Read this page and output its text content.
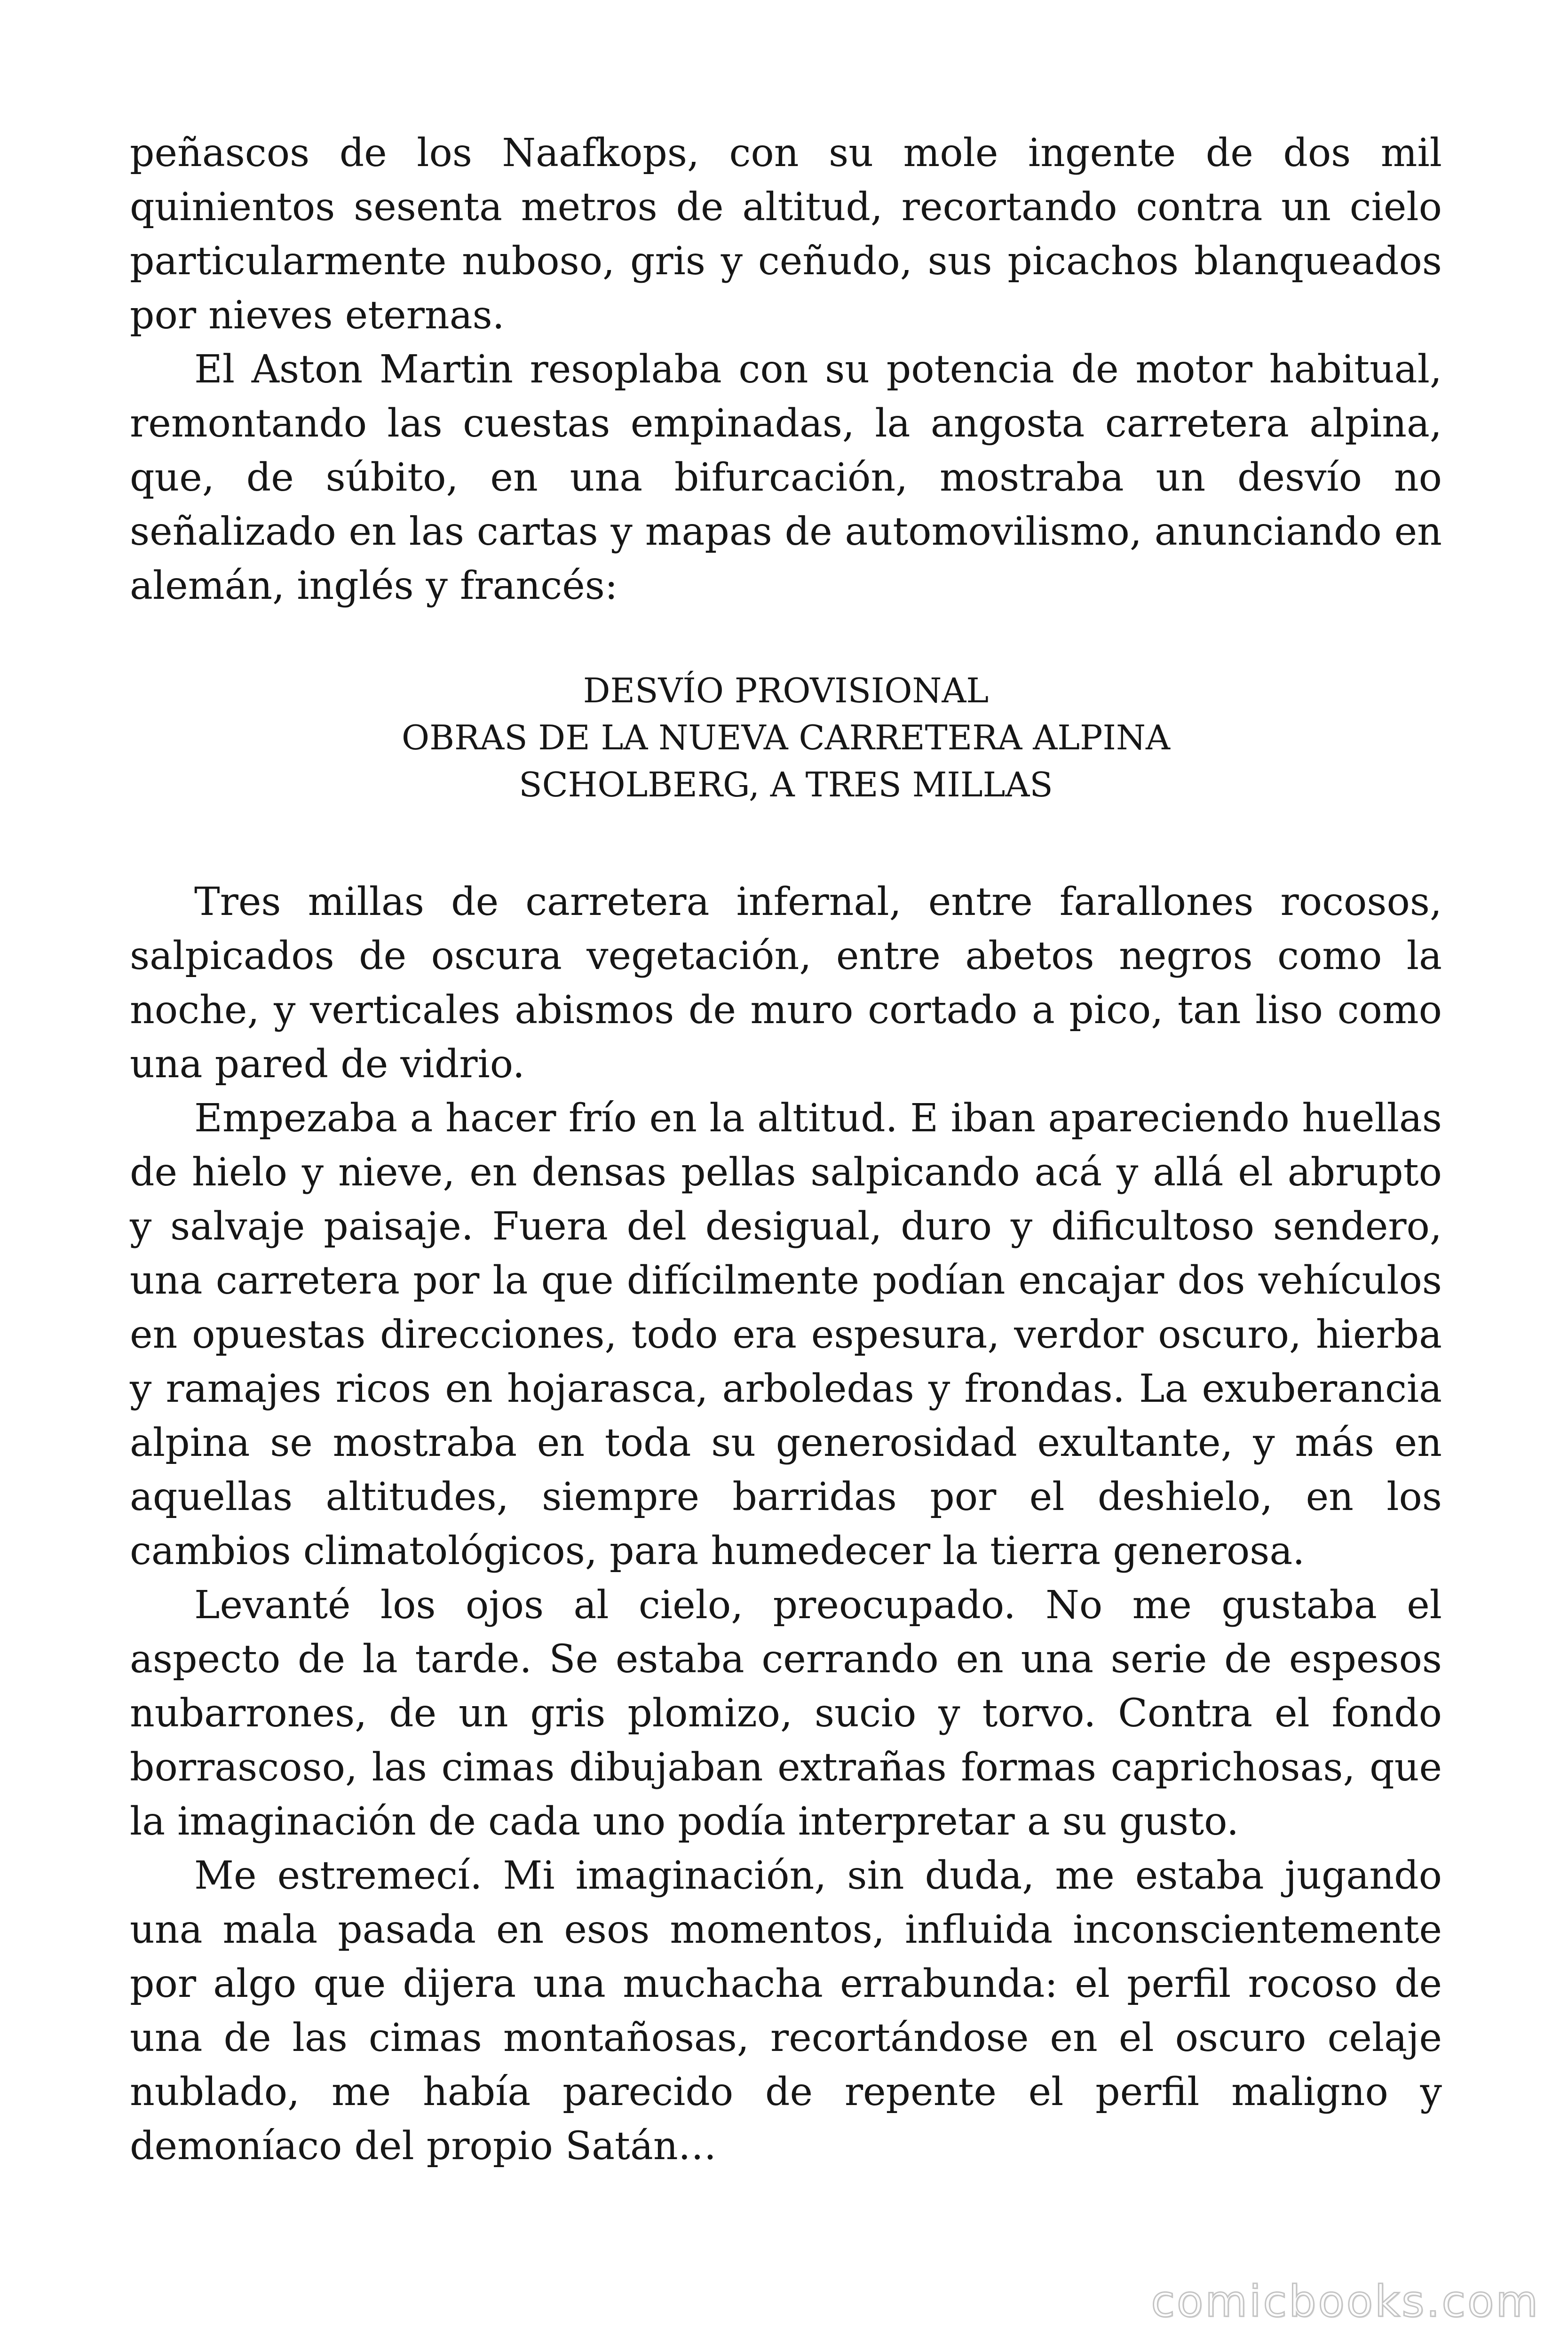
peñascos de los Naafkops, con su mole ingente de dos mil quinientos sesenta metros de altitud, recortando contra un cielo particularmente nuboso, gris y ceñudo, sus picachos blanqueados por nieves eternas.

El Aston Martin resoplaba con su potencia de motor habitual, remontando las cuestas empinadas, la angosta carretera alpina, que, de súbito, en una bifurcación, mostraba un desvío no señalizado en las cartas y mapas de automovilismo, anunciando en alemán, inglés y francés:

DESVÍO PROVISIONAL
OBRAS DE LA NUEVA CARRETERA ALPINA
SCHOLBERG, A TRES MILLAS

Tres millas de carretera infernal, entre farallones rocosos, salpicados de oscura vegetación, entre abetos negros como la noche, y verticales abismos de muro cortado a pico, tan liso como una pared de vidrio.

Empezaba a hacer frío en la altitud. E iban apareciendo huellas de hielo y nieve, en densas pellas salpicando acá y allá el abrupto y salvaje paisaje. Fuera del desigual, duro y dificultoso sendero, una carretera por la que difícilmente podían encajar dos vehículos en opuestas direcciones, todo era espesura, verdor oscuro, hierba y ramajes ricos en hojarasca, arboledas y frondas. La exuberancia alpina se mostraba en toda su generosidad exultante, y más en aquellas altitudes, siempre barridas por el deshielo, en los cambios climatológicos, para humedecer la tierra generosa.

Levanté los ojos al cielo, preocupado. No me gustaba el aspecto de la tarde. Se estaba cerrando en una serie de espesos nubarrones, de un gris plomizo, sucio y torvo. Contra el fondo borrascoso, las cimas dibujaban extrañas formas caprichosas, que la imaginación de cada uno podía interpretar a su gusto.

Me estremecí. Mi imaginación, sin duda, me estaba jugando una mala pasada en esos momentos, influida inconscientemente por algo que dijera una muchacha errabunda: el perfil rocoso de una de las cimas montañosas, recortándose en el oscuro celaje nublado, me había parecido de repente el perfil maligno y demoníaco del propio Satán…

comicbooks.com
